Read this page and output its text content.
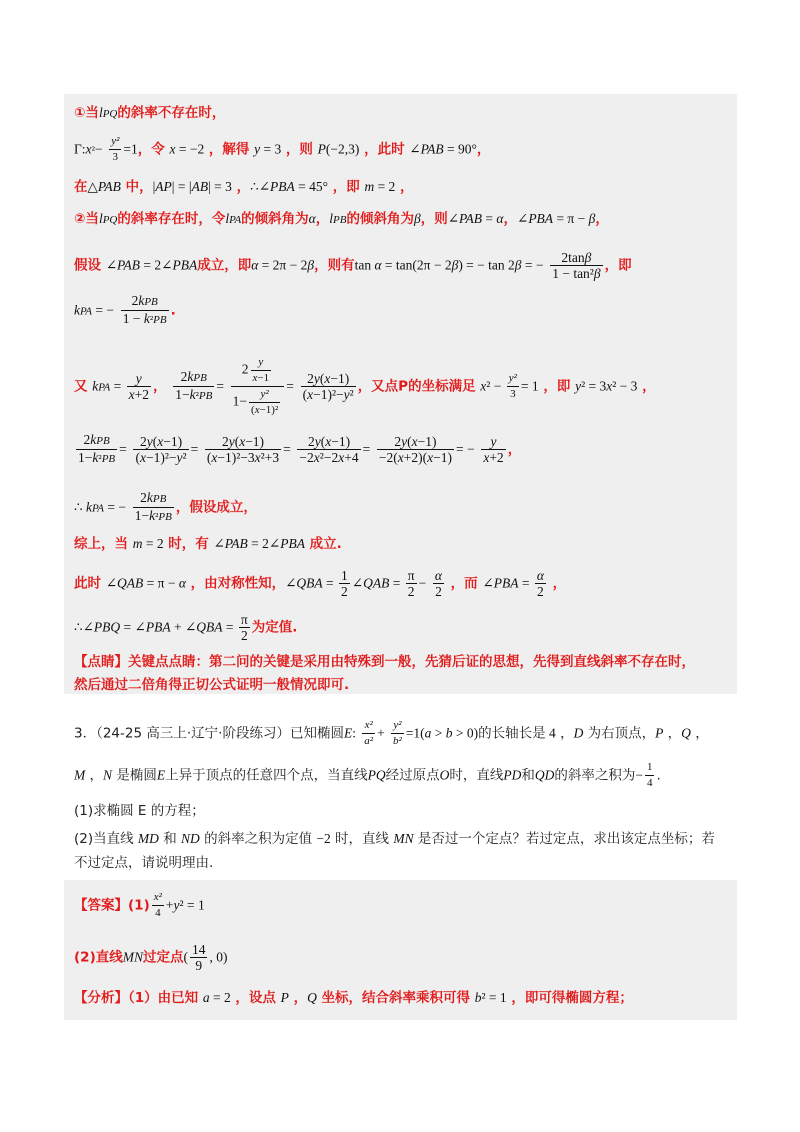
①当lPQ的斜率不存在时，
Γ:x²− $\frac{\text{y²}}{3} =1$，令 x = −2 ，解得 y = 3 ，则 P(−2,3) ，此时 ∠PAB = 90°，
在△PAB 中，|AP| = |AB| = 3 ，∴∠PBA = 45° ，即 m = 2 ，
②当lPQ的斜率存在时，令lPA的倾斜角为α，lPB的倾斜角为β，则∠PAB = α，∠PBA = π − β，
假设 ∠PAB = 2∠PBA成立，即α = 2π − 2β，则有tan α = tan(2π − 2β) = − tan 2β = − $\frac{2\tan\beta}{\text{1 − tan²β}}$ ，即
kPA = − $\frac{\text{2kPB}}{\text{1 − k²PB}}$ .
又 kPA = $\frac{y}{x+2}$ ， $\frac{\text{2kPB}}{\text{1−k²PB}} = \frac{2 \frac{y}{x-1}}{1- \frac{\text{y²}}{\text{(x−1)²}}} = \frac{2y(x-1)}{\text{(x−1)²−y²}}$ ，又点P的坐标满足 $x^2 - \frac{\text{y²}}{3} = 1$ ，即 y² = 3x² − 3 ，
$\frac{\text{2kPB}}{\text{1−k²PB}} = \frac{2y(x-1)}{\text{(x−1)²−y²}} = \frac{2y(x-1)}{\text{(x−1)²−3x²+3}} = \frac{2y(x-1)}{\text{−2x²−2x+4}} = \frac{2y(x-1)}{-2(x+2)(x-1)}$ = − $\frac{y}{x+2}$ ，
∴ kPA = − $\frac{\text{2kPB}}{\text{1−k²PB}}$ ，假设成立，
综上，当 m = 2 时，有 ∠PAB = 2∠PBA 成立.
此时 ∠QAB = π − α ，由对称性知，∠QBA = $\frac{1}{2}$ ∠QAB = $\frac{\pi}{2} - \frac{\alpha}{2}$ ，而 ∠PBA = $\frac{\alpha}{2}$ ，
∴∠PBQ = ∠PBA + ∠QBA = $\frac{\pi}{2}$ 为定值.
【点睛】关键点点睛：第二问的关键是采用由特殊到一般，先猜后证的思想，先得到直线斜率不存在时，
然后通过二倍角得正切公式证明一般情况即可.
3．（24-25 高三上·辽宁·阶段练习）已知椭圆E: $\frac{\text{x²}}{\text{a²}} + \frac{\text{y²}}{\text{b²}} =1(a > b > 0)$的长轴长是 4 ，D 为右顶点，P ，Q ，
M ，N 是椭圆E上异于顶点的任意四个点，当直线PQ经过原点O时，直线PD和QD的斜率之积为− $\frac{1}{4}$ .
(1)求椭圆 E 的方程；
(2)当直线 MD 和 ND 的斜率之积为定值 −2 时，直线 MN 是否过一个定点？若过定点，求出该定点坐标；若
不过定点，请说明理由.
【答案】$(1) \frac{\text{x²}}{4} +y^2 = 1$
(2)直线MN过定点( $\frac{14}{9}$ , 0)
【分析】（1）由已知 a = 2 ，设点 P ，Q 坐标，结合斜率乘积可得 b² = 1 ，即可得椭圆方程；
